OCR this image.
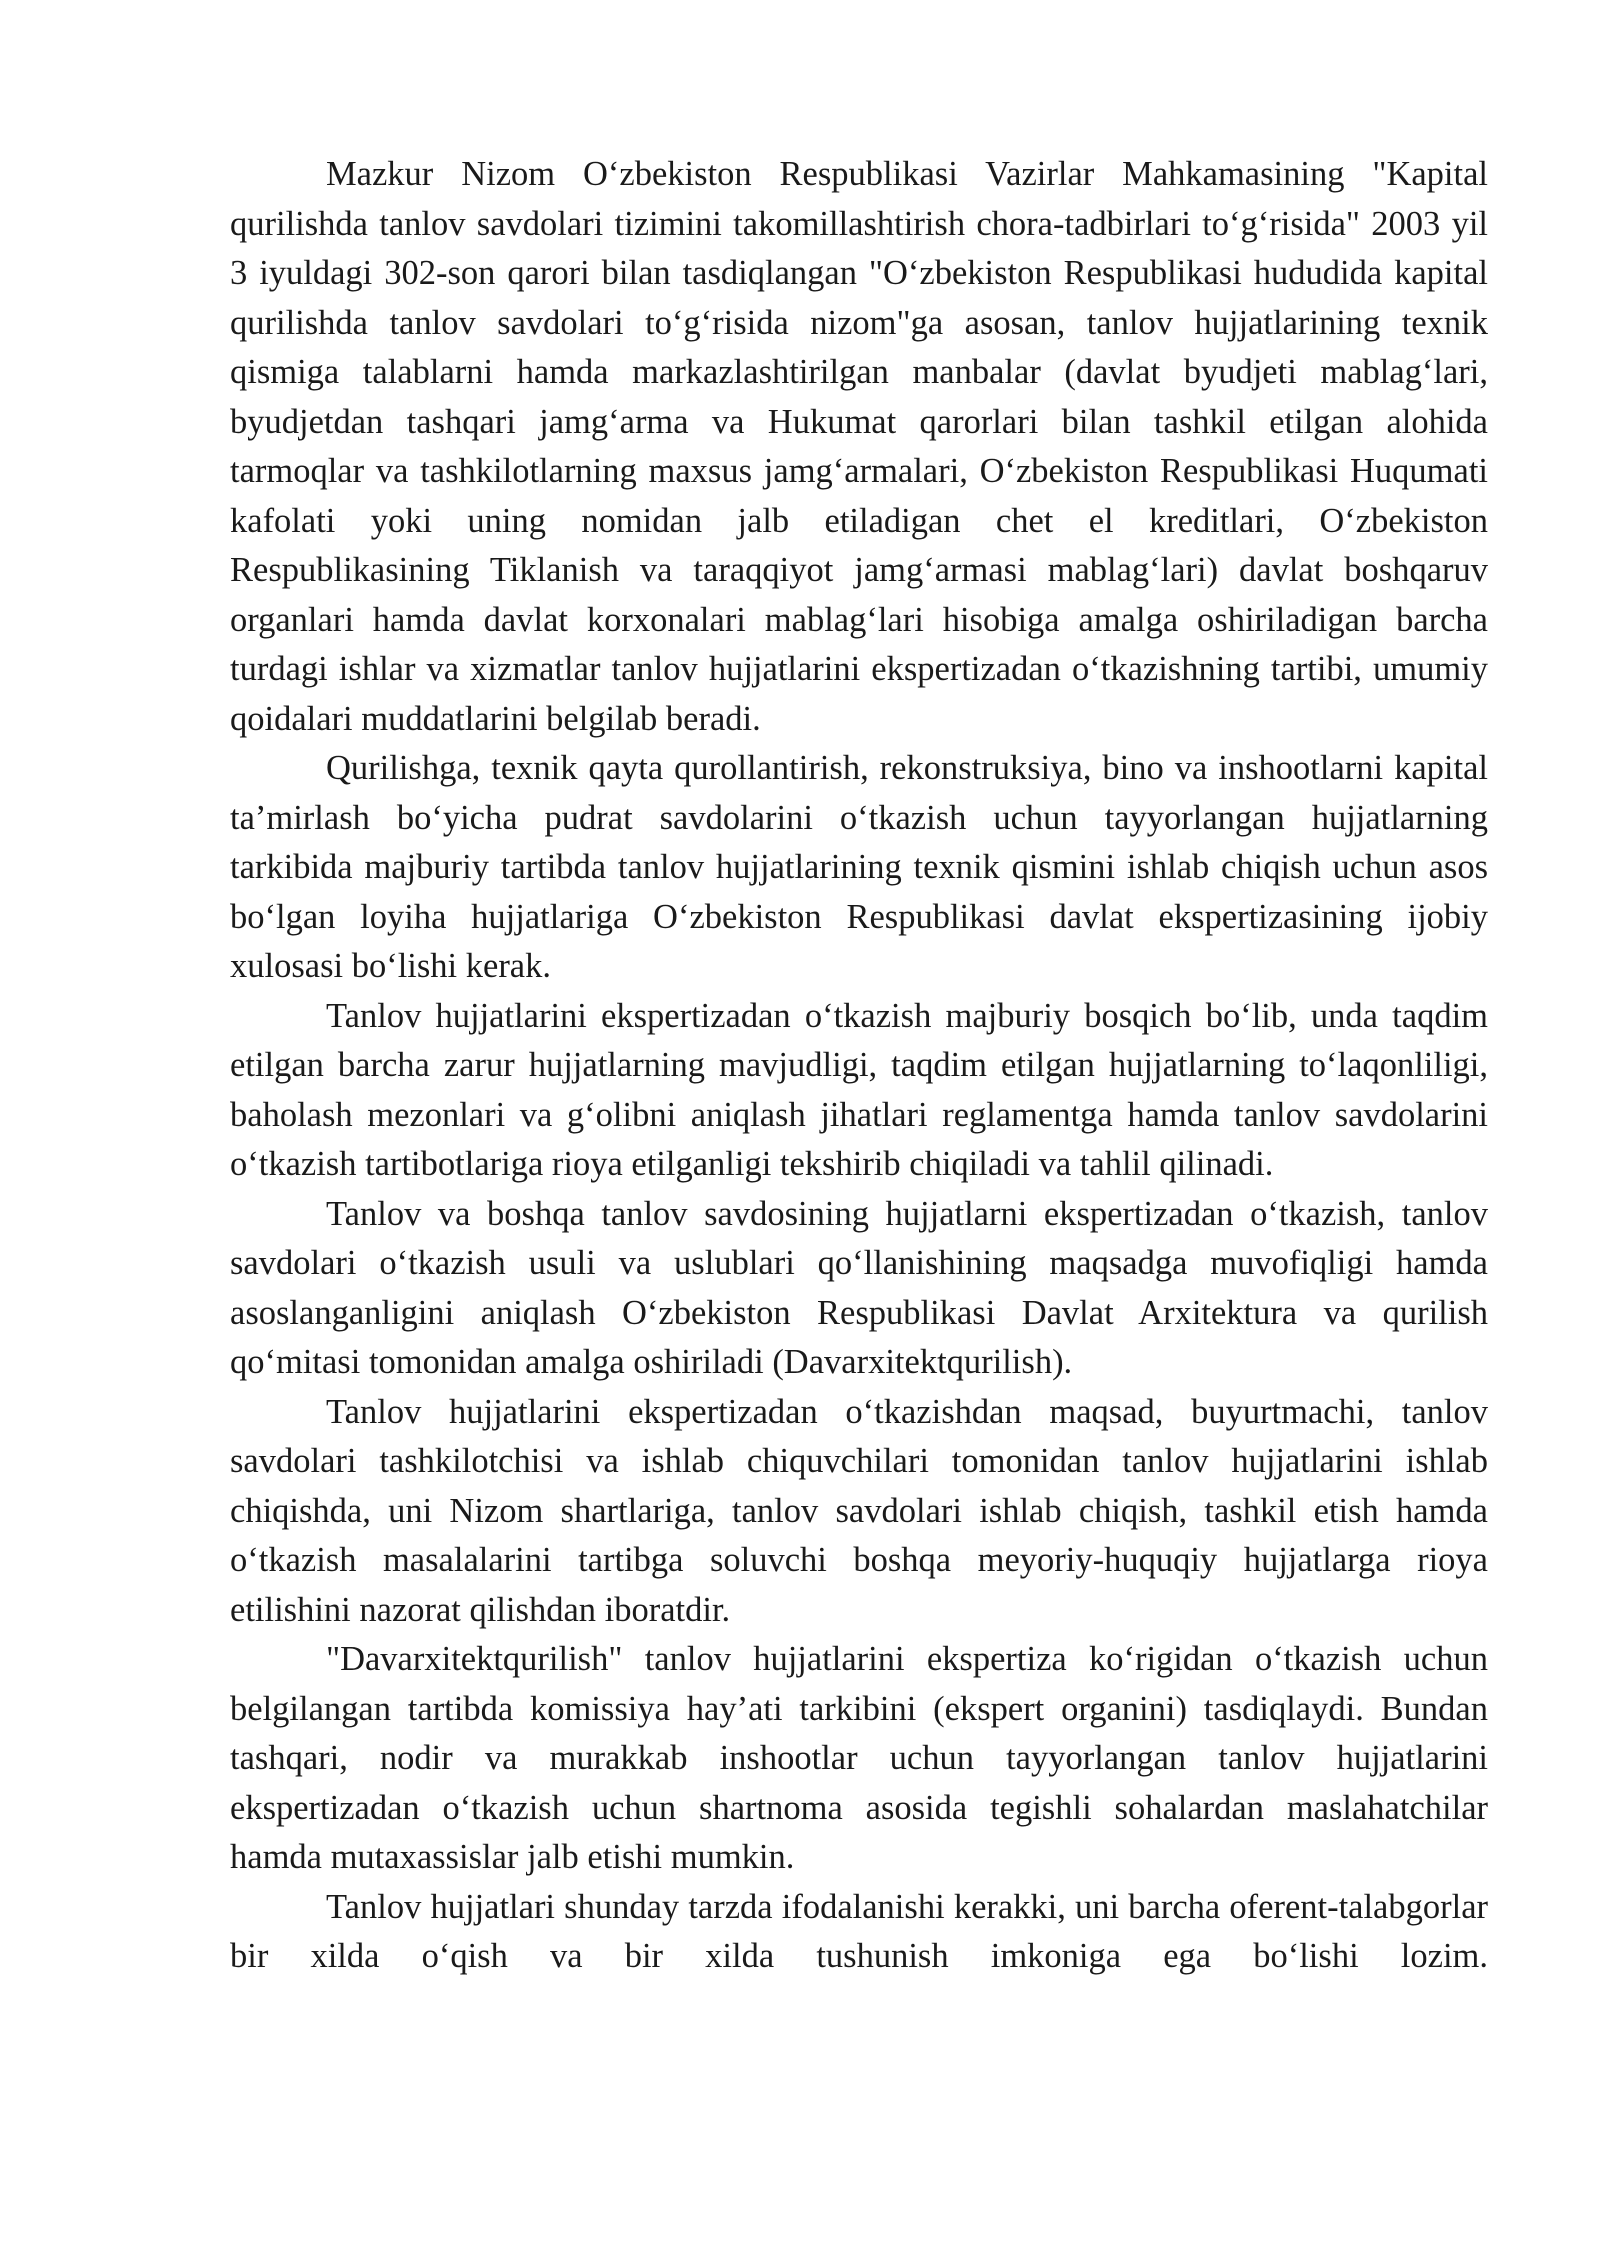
Mazkur Nizom O‘zbekiston Respublikasi Vazirlar Mahkamasining "Kapital qurilishda tanlov savdolari tizimini takomillashtirish chora-tadbirlari to‘g‘risida" 2003 yil 3 iyuldagi 302-son qarori bilan tasdiqlangan "O‘zbekiston Respublikasi hududida kapital qurilishda tanlov savdolari to‘g‘risida nizom"ga asosan, tanlov hujjatlarining texnik qismiga talablarni hamda markazlashtirilgan manbalar (davlat byudjeti mablag‘lari, byudjetdan tashqari jamg‘arma va Hukumat qarorlari bilan tashkil etilgan alohida tarmoqlar va tashkilotlarning maxsus jamg‘armalari, O‘zbekiston Respublikasi Huqumati kafolati yoki uning nomidan jalb etiladigan chet el kreditlari, O‘zbekiston Respublikasining Tiklanish va taraqqiyot jamg‘armasi mablag‘lari) davlat boshqaruv organlari hamda davlat korxonalari mablag‘lari hisobiga amalga oshiriladigan barcha turdagi ishlar va xizmatlar tanlov hujjatlarini ekspertizadan o‘tkazishning tartibi, umumiy qoidalari muddatlarini belgilab beradi.

Qurilishga, texnik qayta qurollantirish, rekonstruksiya, bino va inshootlarni kapital ta’mirlash bo‘yicha pudrat savdolarini o‘tkazish uchun tayyorlangan hujjatlarning tarkibida majburiy tartibda tanlov hujjatlarining texnik qismini ishlab chiqish uchun asos bo‘lgan loyiha hujjatlariga O‘zbekiston Respublikasi davlat ekspertizasining ijobiy xulosasi bo‘lishi kerak.

Tanlov hujjatlarini ekspertizadan o‘tkazish majburiy bosqich bo‘lib, unda taqdim etilgan barcha zarur hujjatlarning mavjudligi, taqdim etilgan hujjatlarning to‘laqonliligi, baholash mezonlari va g‘olibni aniqlash jihatlari reglamentga hamda tanlov savdolarini o‘tkazish tartibotlariga rioya etilganligi tekshirib chiqiladi va tahlil qilinadi.

Tanlov va boshqa tanlov savdosining hujjatlarni ekspertizadan o‘tkazish, tanlov savdolari o‘tkazish usuli va uslublari qo‘llanishining maqsadga muvofiqligi hamda asoslanganligini aniqlash O‘zbekiston Respublikasi Davlat Arxitektura va qurilish qo‘mitasi tomonidan amalga oshiriladi (Davarxitektqurilish).

Tanlov hujjatlarini ekspertizadan o‘tkazishdan maqsad, buyurtmachi, tanlov savdolari tashkilotchisi va ishlab chiquvchilari tomonidan tanlov hujjatlarini ishlab chiqishda, uni Nizom shartlariga, tanlov savdolari ishlab chiqish, tashkil etish hamda o‘tkazish masalalarini tartibga soluvchi boshqa meyoriy-huquqiy hujjatlarga rioya etilishini nazorat qilishdan iboratdir.

"Davarxitektqurilish" tanlov hujjatlarini ekspertiza ko‘rigidan o‘tkazish uchun belgilangan tartibda komissiya hay’ati tarkibini (ekspert organini) tasdiqlaydi. Bundan tashqari, nodir va murakkab inshootlar uchun tayyorlangan tanlov hujjatlarini ekspertizadan o‘tkazish uchun shartnoma asosida tegishli sohalardan maslahatchilar hamda mutaxassislar jalb etishi mumkin.

Tanlov hujjatlari shunday tarzda ifodalanishi kerakki, uni barcha oferent-talabgorlar bir xilda o‘qish va bir xilda tushunish imkoniga ega bo‘lishi lozim.
